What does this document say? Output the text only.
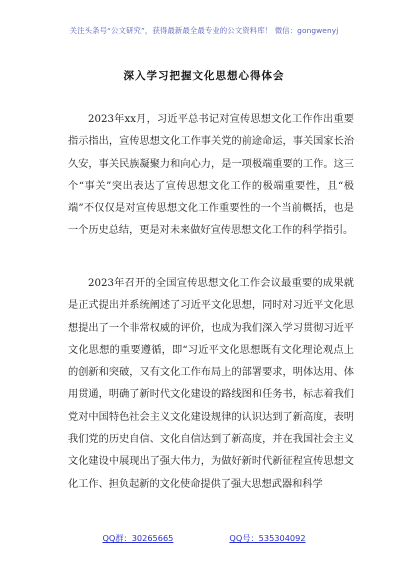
关注头条号“公文研究”，获得最新最全最专业的公文资料库！ 微信：gongwenyj
深入学习把握文化思想心得体会

2023年xx月，习近平总书记对宣传思想文化工作作出重要指示指出，宣传思想文化工作事关党的前途命运，事关国家长治久安，事关民族凝聚力和向心力，是一项极端重要的工作。这三个“事关”突出表达了宣传思想文化工作的极端重要性，且“极端”不仅仅是对宣传思想文化工作重要性的一个当前概括，也是一个历史总结，更是对未来做好宣传思想文化工作的科学指引。

2023年召开的全国宣传思想文化工作会议最重要的成果就是正式提出并系统阐述了习近平文化思想，同时对习近平文化思想提出了一个非常权威的评价，也成为我们深入学习贯彻习近平文化思想的重要遵循，即“习近平文化思想既有文化理论观点上的创新和突破，又有文化工作布局上的部署要求，明体达用、体用贯通，明确了新时代文化建设的路线图和任务书，标志着我们党对中国特色社会主义文化建设规律的认识达到了新高度，表明我们党的历史自信、文化自信达到了新高度，并在我国社会主义文化建设中展现出了强大伟力，为做好新时代新征程宣传思想文化工作、担负起新的文化使命提供了强大思想武器和科学

QQ群：30265665	QQ号：535304092
